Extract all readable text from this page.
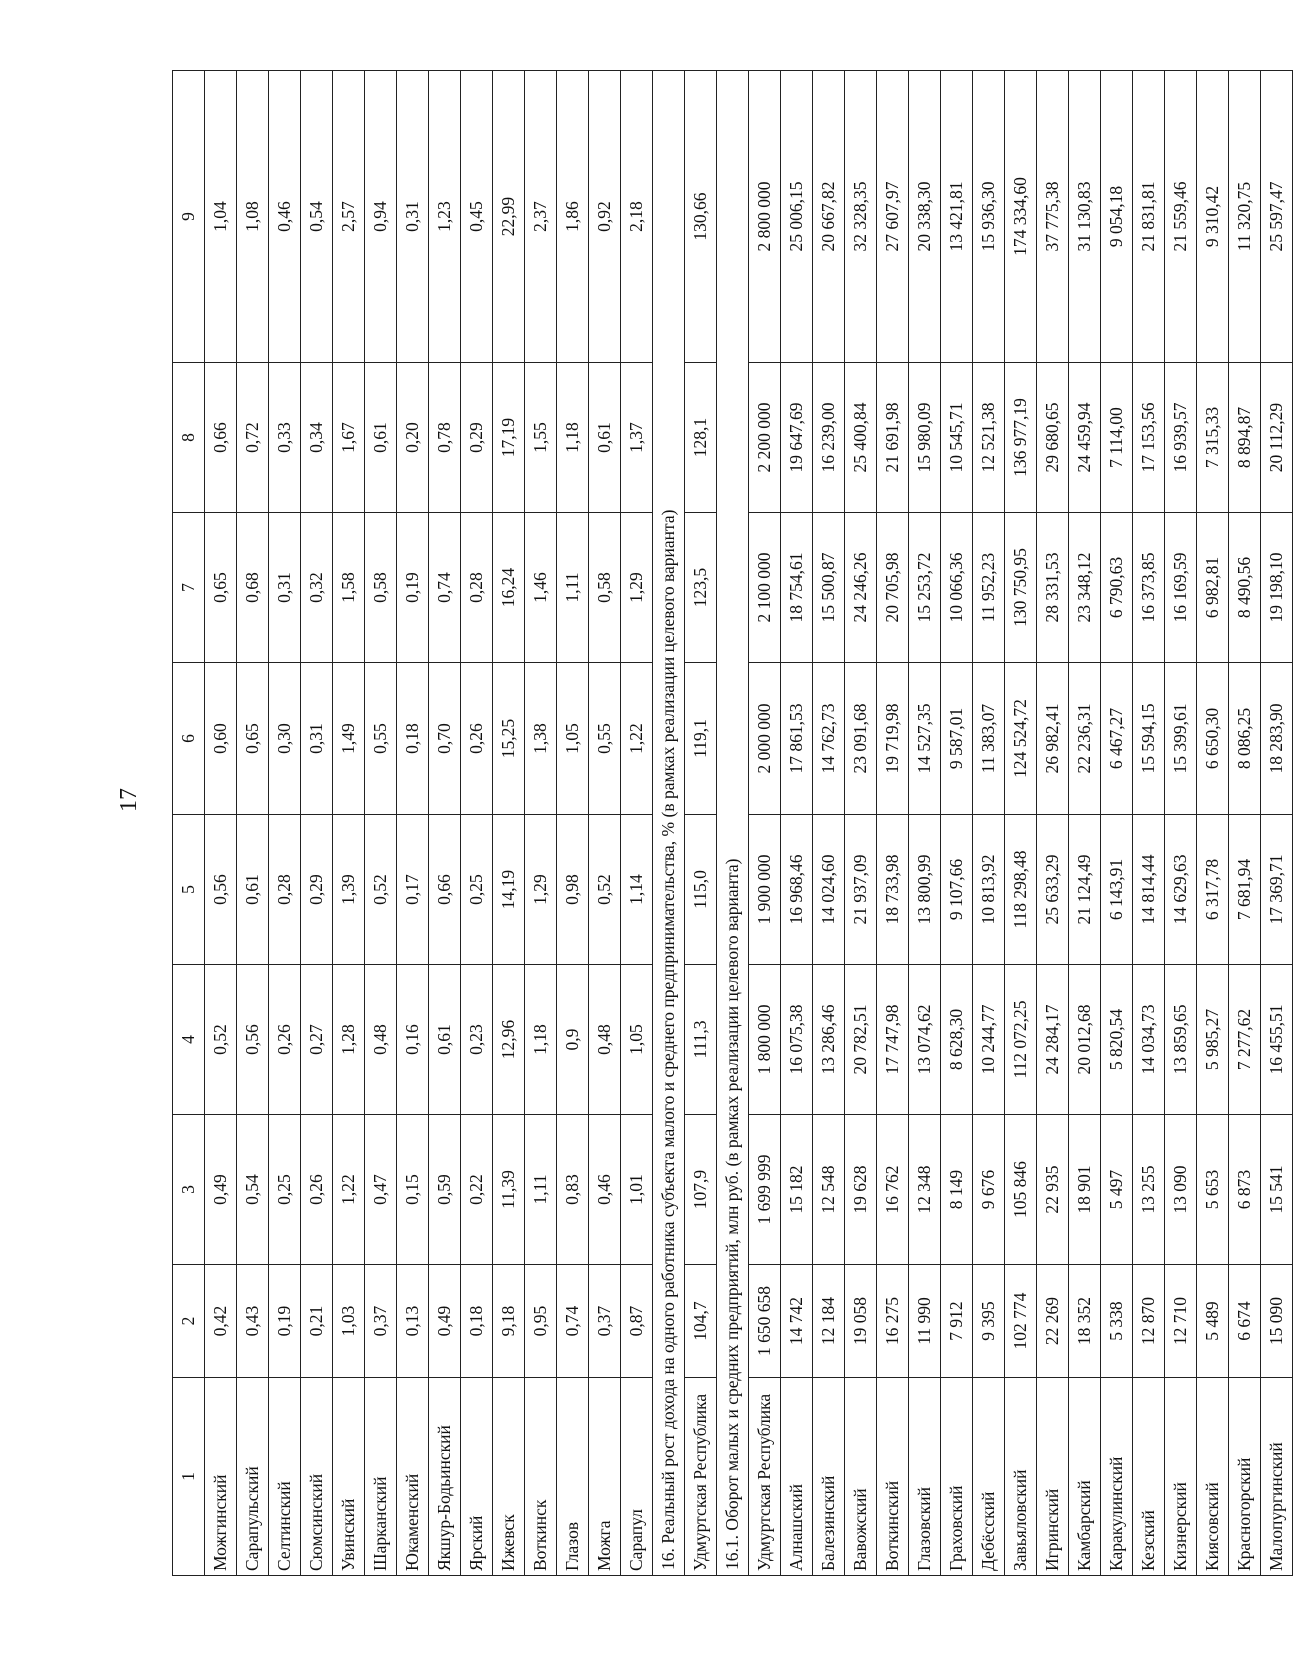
17
1	2	3	4	5	6	7	8	9
Можгинский	0,42	0,49	0,52	0,56	0,60	0,65	0,66	1,04
Сарапульский	0,43	0,54	0,56	0,61	0,65	0,68	0,72	1,08
Селтинский	0,19	0,25	0,26	0,28	0,30	0,31	0,33	0,46
Сюмсинский	0,21	0,26	0,27	0,29	0,31	0,32	0,34	0,54
Увинский	1,03	1,22	1,28	1,39	1,49	1,58	1,67	2,57
Шарканский	0,37	0,47	0,48	0,52	0,55	0,58	0,61	0,94
Юкаменский	0,13	0,15	0,16	0,17	0,18	0,19	0,20	0,31
Якшур-Бодьинский	0,49	0,59	0,61	0,66	0,70	0,74	0,78	1,23
Ярский	0,18	0,22	0,23	0,25	0,26	0,28	0,29	0,45
Ижевск	9,18	11,39	12,96	14,19	15,25	16,24	17,19	22,99
Воткинск	0,95	1,11	1,18	1,29	1,38	1,46	1,55	2,37
Глазов	0,74	0,83	0,9	0,98	1,05	1,11	1,18	1,86
Можга	0,37	0,46	0,48	0,52	0,55	0,58	0,61	0,92
Сарапул	0,87	1,01	1,05	1,14	1,22	1,29	1,37	2,18
16. Реальный рост дохода на одного работника субъекта малого и среднего предпринимательства, % (в рамках реализации целевого варианта)								
Удмуртская Республика	104,7	107,9	111,3	115,0	119,1	123,5	128,1	130,66
16.1. Оборот малых и средних предприятий, млн руб. (в рамках реализации целевого варианта)								
Удмуртская Республика	1 650 658	1 699 999	1 800 000	1 900 000	2 000 000	2 100 000	2 200 000	2 800 000
Алнашский	14 742	15 182	16 075,38	16 968,46	17 861,53	18 754,61	19 647,69	25 006,15
Балезинский	12 184	12 548	13 286,46	14 024,60	14 762,73	15 500,87	16 239,00	20 667,82
Вавожский	19 058	19 628	20 782,51	21 937,09	23 091,68	24 246,26	25 400,84	32 328,35
Воткинский	16 275	16 762	17 747,98	18 733,98	19 719,98	20 705,98	21 691,98	27 607,97
Глазовский	11 990	12 348	13 074,62	13 800,99	14 527,35	15 253,72	15 980,09	20 338,30
Граховский	7 912	8 149	8 628,30	9 107,66	9 587,01	10 066,36	10 545,71	13 421,81
Дебёсский	9 395	9 676	10 244,77	10 813,92	11 383,07	11 952,23	12 521,38	15 936,30
Завьяловский	102 774	105 846	112 072,25	118 298,48	124 524,72	130 750,95	136 977,19	174 334,60
Игринский	22 269	22 935	24 284,17	25 633,29	26 982,41	28 331,53	29 680,65	37 775,38
Камбарский	18 352	18 901	20 012,68	21 124,49	22 236,31	23 348,12	24 459,94	31 130,83
Каракулинский	5 338	5 497	5 820,54	6 143,91	6 467,27	6 790,63	7 114,00	9 054,18
Кезский	12 870	13 255	14 034,73	14 814,44	15 594,15	16 373,85	17 153,56	21 831,81
Кизнерский	12 710	13 090	13 859,65	14 629,63	15 399,61	16 169,59	16 939,57	21 559,46
Киясовский	5 489	5 653	5 985,27	6 317,78	6 650,30	6 982,81	7 315,33	9 310,42
Красногорский	6 674	6 873	7 277,62	7 681,94	8 086,25	8 490,56	8 894,87	11 320,75
Малопургинский	15 090	15 541	16 455,51	17 369,71	18 283,90	19 198,10	20 112,29	25 597,47
